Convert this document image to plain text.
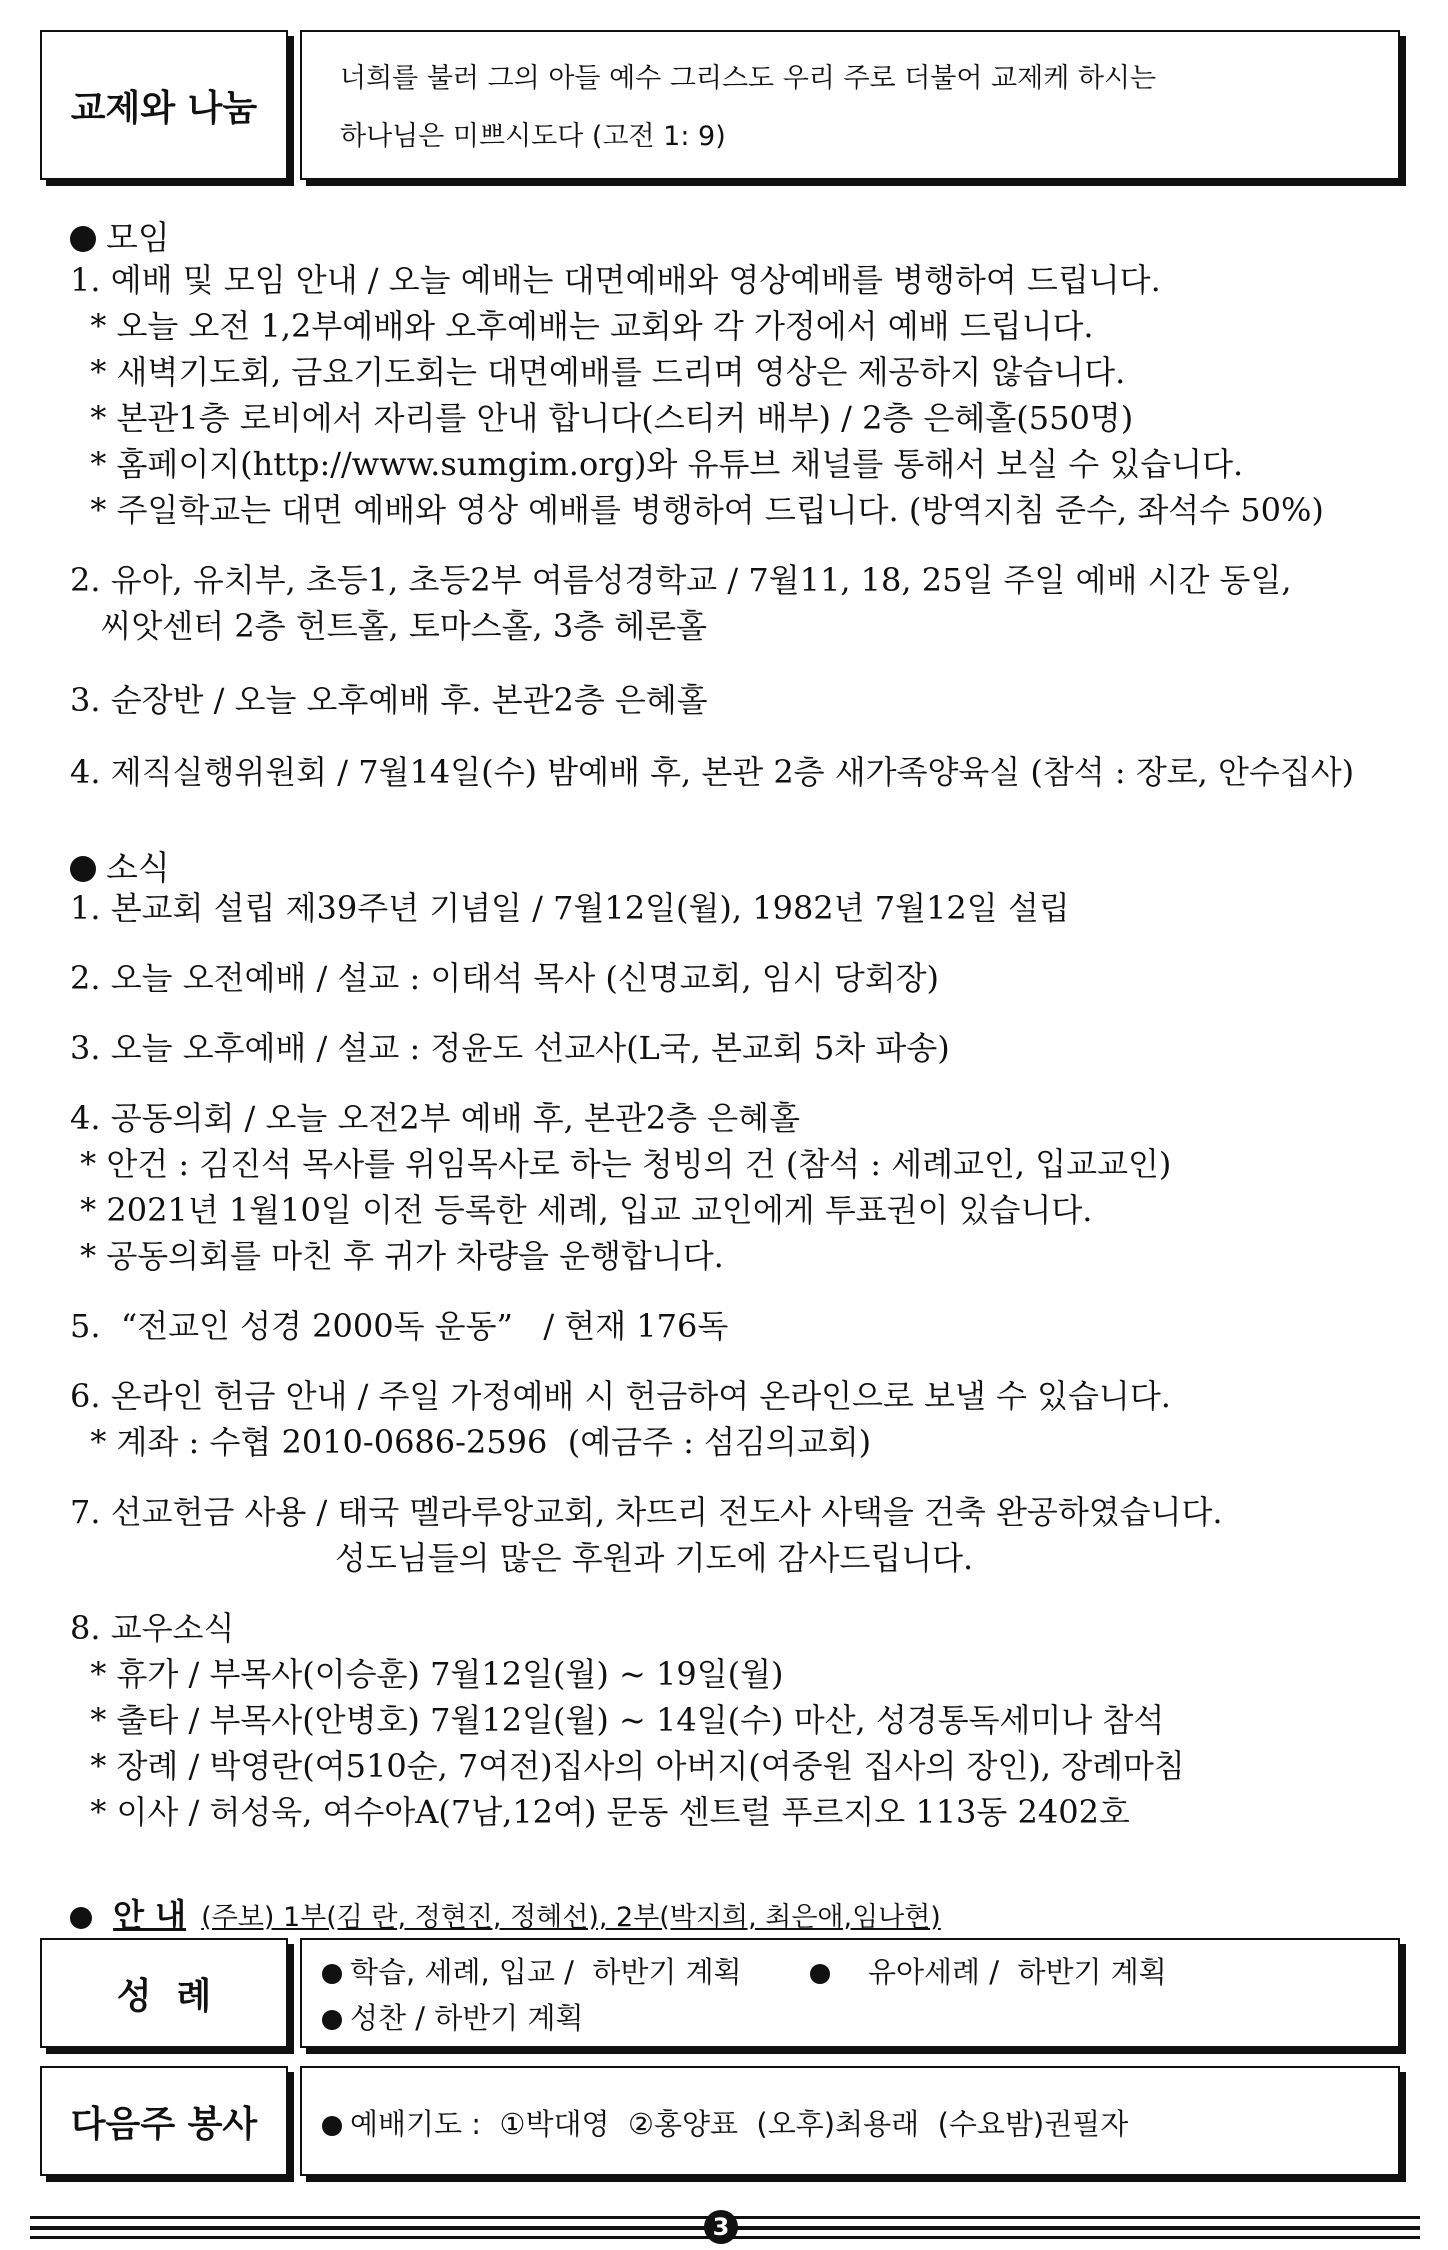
교제와 나눔
너희를 불러 그의 아들 예수 그리스도 우리 주로 더불어 교제케 하시는
하나님은 미쁘시도다 (고전 1: 9)
모임
1. 예배 및 모임 안내 / 오늘 예배는 대면예배와 영상예배를 병행하여 드립니다.
* 오늘 오전 1,2부예배와 오후예배는 교회와 각 가정에서 예배 드립니다.
* 새벽기도회, 금요기도회는 대면예배를 드리며 영상은 제공하지 않습니다.
* 본관1층 로비에서 자리를 안내 합니다(스티커 배부) / 2층 은혜홀(550명)
* 홈페이지(http://www.sumgim.org)와 유튜브 채널를 통해서 보실 수 있습니다.
* 주일학교는 대면 예배와 영상 예배를 병행하여 드립니다. (방역지침 준수, 좌석수 50%)
2. 유아, 유치부, 초등1, 초등2부 여름성경학교 / 7월11, 18, 25일 주일 예배 시간 동일,
씨앗센터 2층 헌트홀, 토마스홀, 3층 헤론홀
3. 순장반 / 오늘 오후예배 후. 본관2층 은혜홀
4. 제직실행위원회 / 7월14일(수) 밤예배 후, 본관 2층 새가족양육실 (참석 : 장로, 안수집사)
소식
1. 본교회 설립 제39주년 기념일 / 7월12일(월), 1982년 7월12일 설립
2. 오늘 오전예배 / 설교 : 이태석 목사 (신명교회, 임시 당회장)
3. 오늘 오후예배 / 설교 : 정윤도 선교사(L국, 본교회 5차 파송)
4. 공동의회 / 오늘 오전2부 예배 후, 본관2층 은혜홀
* 안건 : 김진석 목사를 위임목사로 하는 청빙의 건 (참석 : 세례교인, 입교교인)
* 2021년 1월10일 이전 등록한 세례, 입교 교인에게 투표권이 있습니다.
* 공동의회를 마친 후 귀가 차량을 운행합니다.
5.  “전교인 성경 2000독 운동”   / 현재 176독
6. 온라인 헌금 안내 / 주일 가정예배 시 헌금하여 온라인으로 보낼 수 있습니다.
* 계좌 : 수협 2010-0686-2596  (예금주 : 섬김의교회)
7. 선교헌금 사용 / 태국 멜라루앙교회, 차뜨리 전도사 사택을 건축 완공하였습니다.
성도님들의 많은 후원과 기도에 감사드립니다.
8. 교우소식
* 휴가 / 부목사(이승훈) 7월12일(월) ~ 19일(월)
* 출타 / 부목사(안병호) 7월12일(월) ~ 14일(수) 마산, 성경통독세미나 참석
* 장례 / 박영란(여510순, 7여전)집사의 아버지(여중원 집사의 장인), 장례마침
* 이사 / 허성욱, 여수아A(7남,12여) 문동 센트럴 푸르지오 113동 2402호
안 내 (주보) 1부(김 란, 정현진, 정혜선), 2부(박지희, 최은애,임나현)
성  례
학습, 세례, 입교 /  하반기 계획	유아세례 /  하반기 계획
성찬 / 하반기 계획
다음주 봉사	예배기도 :  ①박대영  ②홍양표  (오후)최용래  (수요밤)권필자
3
